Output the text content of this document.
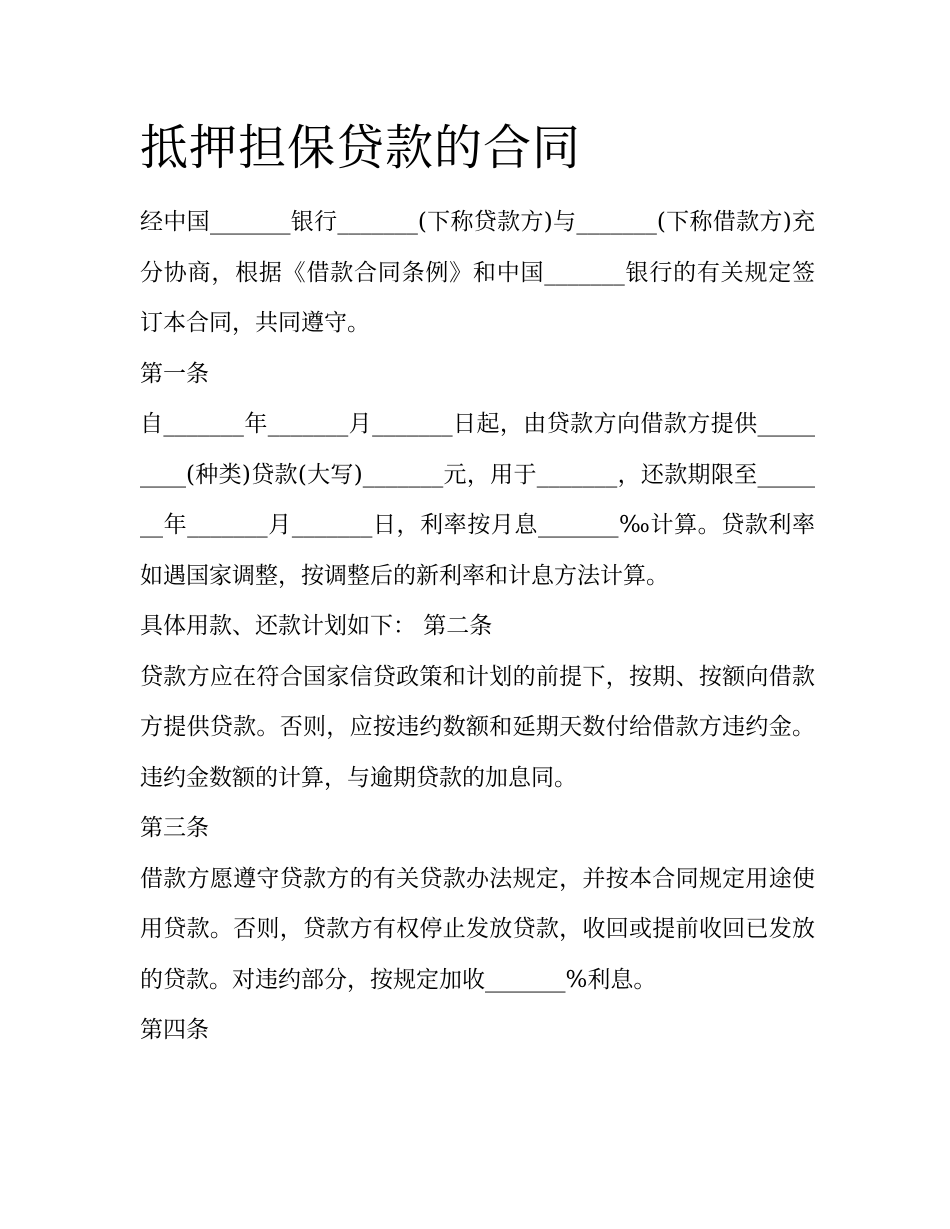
抵押担保贷款的合同

经中国_______银行_______(下称贷款方)与_______(下称借款方)充分协商，根据《借款合同条例》和中国_______银行的有关规定签订本合同，共同遵守。

第一条

自_______年_______月_______日起，由贷款方向借款方提供_________(种类)贷款(大写)_______元，用于_______，还款期限至_______年_______月_______日，利率按月息_______‰计算。贷款利率如遇国家调整，按调整后的新利率和计息方法计算。

具体用款、还款计划如下： 第二条

贷款方应在符合国家信贷政策和计划的前提下，按期、按额向借款方提供贷款。否则，应按违约数额和延期天数付给借款方违约金。违约金数额的计算，与逾期贷款的加息同。

第三条

借款方愿遵守贷款方的有关贷款办法规定，并按本合同规定用途使用贷款。否则，贷款方有权停止发放贷款，收回或提前收回已发放的贷款。对违约部分，按规定加收_______%利息。

第四条
